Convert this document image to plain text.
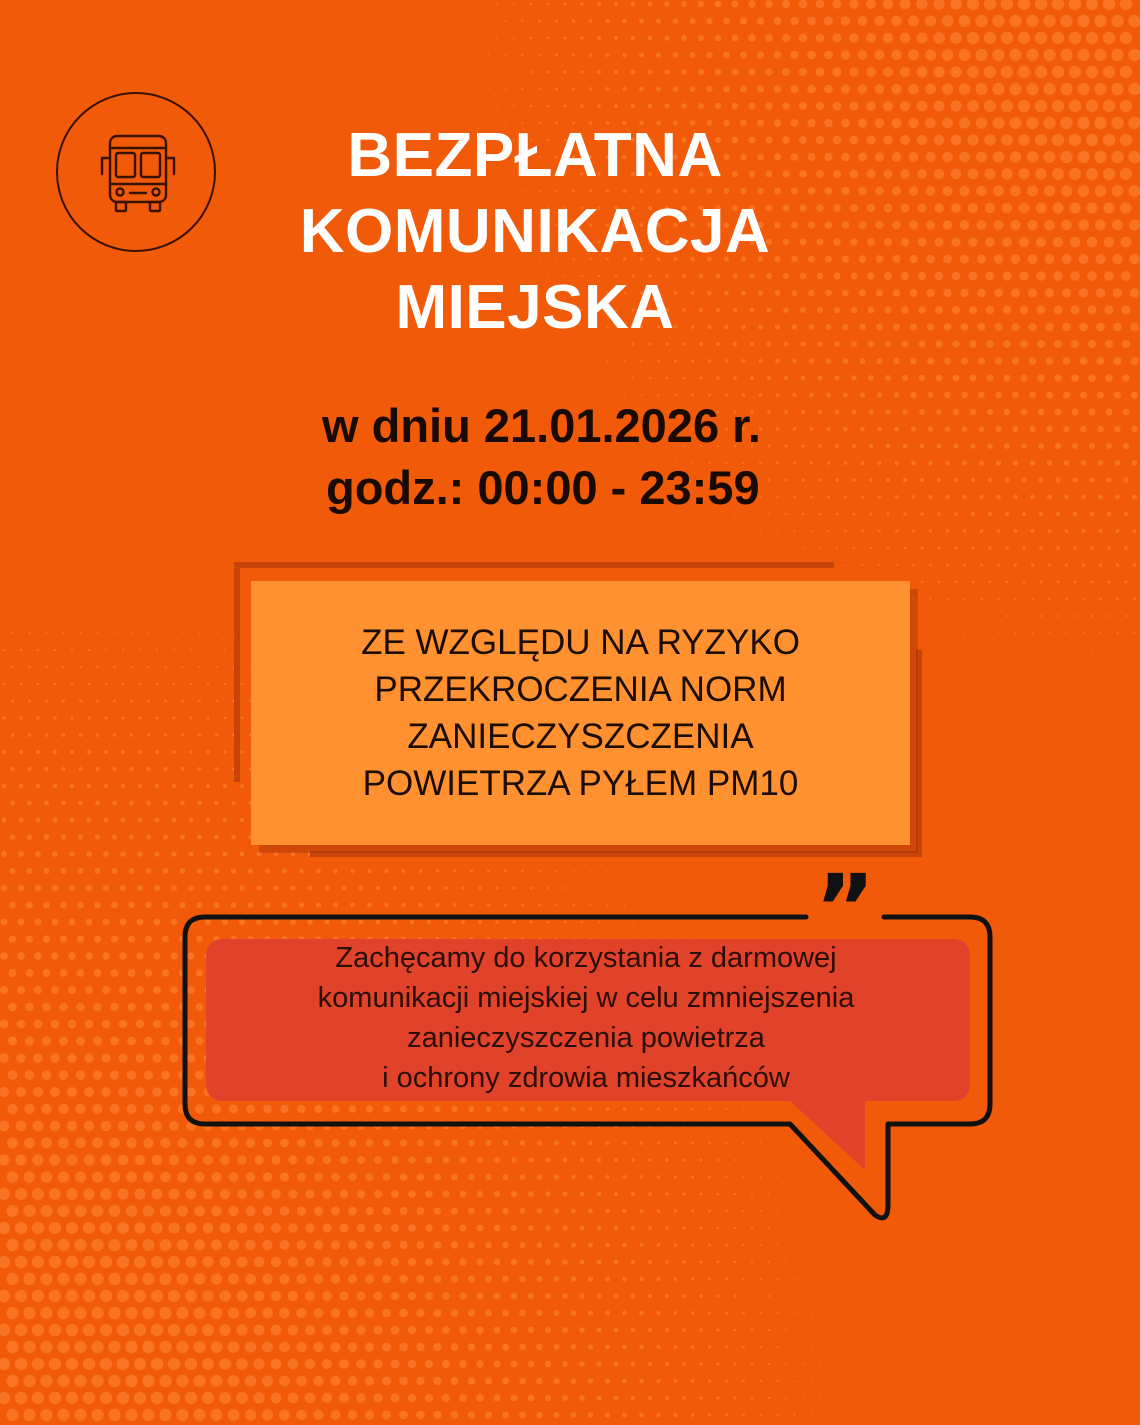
BEZPŁATNA
KOMUNIKACJA
MIEJSKA
w dniu 21.01.2026 r.
godz.: 00:00 - 23:59
ZE WZGLĘDU NA RYZYKO
PRZEKROCZENIA NORM
ZANIECZYSZCZENIA
POWIETRZA PYŁEM PM10
”
Zachęcamy do korzystania z darmowej
komunikacji miejskiej w celu zmniejszenia
zanieczyszczenia powietrza
i ochrony zdrowia mieszkańców
